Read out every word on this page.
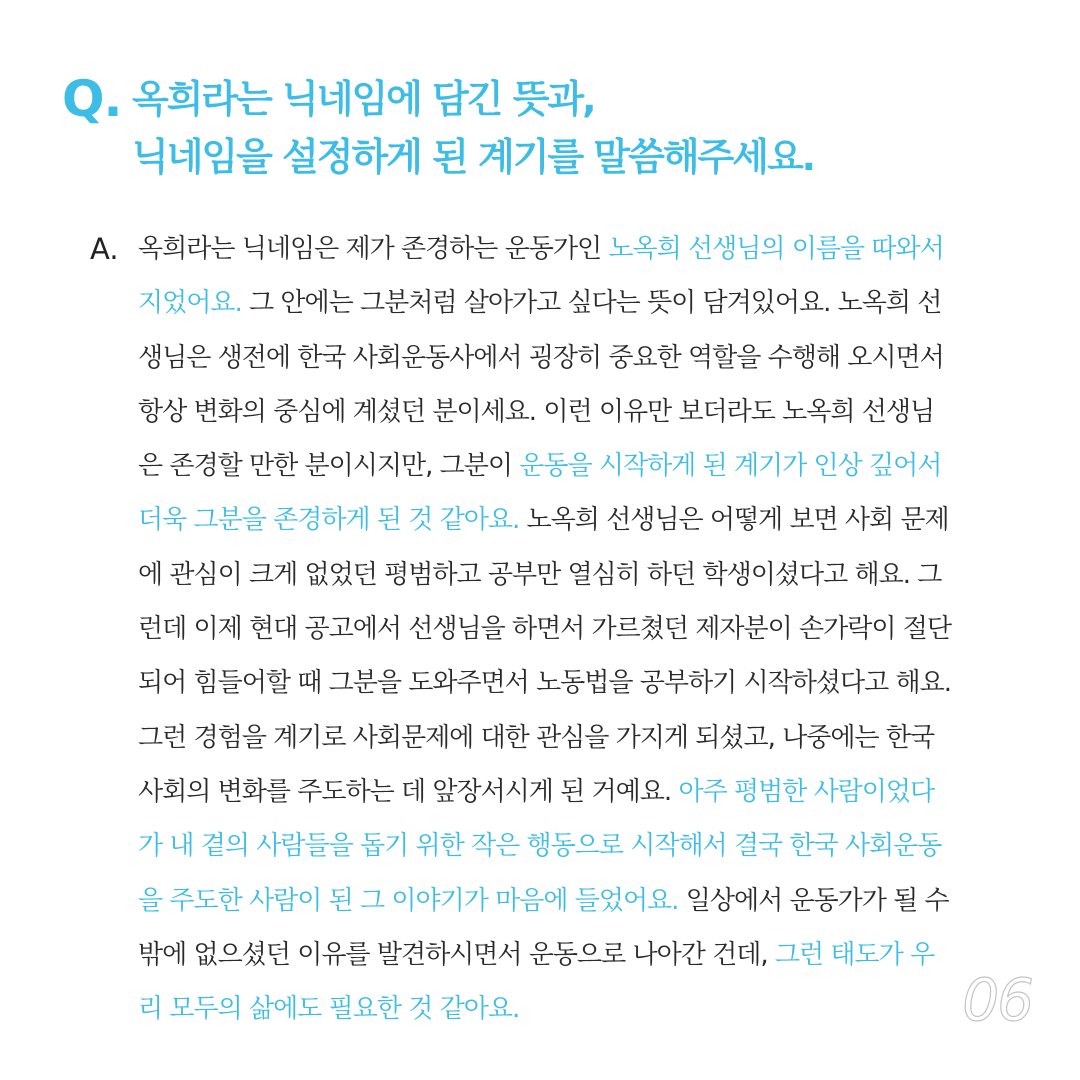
Q. 옥희라는 닉네임에 담긴 뜻과,
닉네임을 설정하게 된 계기를 말씀해주세요.
A. 옥희라는 닉네임은 제가 존경하는 운동가인 노옥희 선생님의 이름을 따와서
지었어요. 그 안에는 그분처럼 살아가고 싶다는 뜻이 담겨있어요. 노옥희 선
생님은 생전에 한국 사회운동사에서 굉장히 중요한 역할을 수행해 오시면서
항상 변화의 중심에 계셨던 분이세요. 이런 이유만 보더라도 노옥희 선생님
은 존경할 만한 분이시지만, 그분이 운동을 시작하게 된 계기가 인상 깊어서
더욱 그분을 존경하게 된 것 같아요. 노옥희 선생님은 어떻게 보면 사회 문제
에 관심이 크게 없었던 평범하고 공부만 열심히 하던 학생이셨다고 해요. 그
런데 이제 현대 공고에서 선생님을 하면서 가르쳤던 제자분이 손가락이 절단
되어 힘들어할 때 그분을 도와주면서 노동법을 공부하기 시작하셨다고 해요.
그런 경험을 계기로 사회문제에 대한 관심을 가지게 되셨고, 나중에는 한국
사회의 변화를 주도하는 데 앞장서시게 된 거예요. 아주 평범한 사람이었다
가 내 곁의 사람들을 돕기 위한 작은 행동으로 시작해서 결국 한국 사회운동
을 주도한 사람이 된 그 이야기가 마음에 들었어요. 일상에서 운동가가 될 수
밖에 없으셨던 이유를 발견하시면서 운동으로 나아간 건데, 그런 태도가 우
리 모두의 삶에도 필요한 것 같아요.	06
